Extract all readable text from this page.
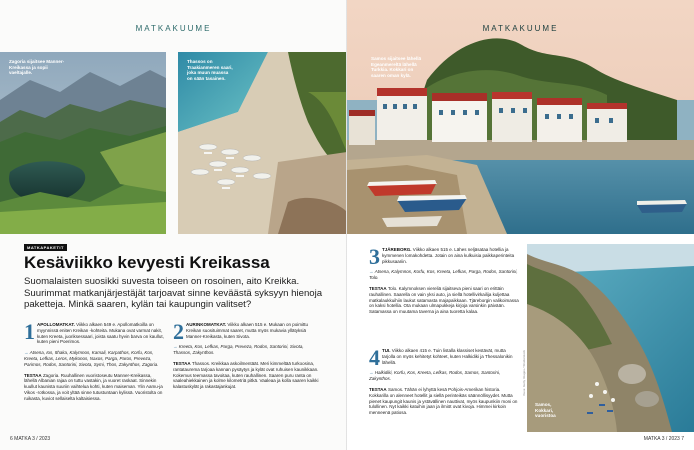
MATKAKUUME
Zagoria sijaitsee Manner-Kreikassa ja sopii vaeltajalle.
Thassos on Traakianmeren saari, joka muun muassa on sään tasainen.
MATKAPAKETIT
Kesäviikko kevyesti Kreikassa
Suomalaisten suosikki suvesta toiseen on rosoinen, aito Kreikka. Suurimmat matkanjärjestäjät tarjoavat sinne keväästä syksyyn hienoja paketteja. Minkä saaren, kylän tai kaupungin valitset?
1 APOLLOMATKAT. Viikko alkaen 549 e. Apollomatkoilla on myynnissä eniten Kreikan -kohteita. Mukana ovat varmat nakit, kuten Kreeta, juoriksessaari, joista saatu hyvin barva on kaullut, kuten pieni Poerimos.
→ Atsena, Ios, Ithaka, Kalymnos, Kamali, Karpathos, Korfu, Kos, Kreeta, Lefkas, Leros, Mykonos, Naxos, Parga, Paros, Preveza, Parimos, Rodos, Santorini, Sivota, Symi, Thos, Zakynthos, Zagoria.
TESTAA Zagoria. Ruuhallinen vuoristoseutu Manner-Kreikassa, lähellä Albanian rajaa on tuttu vastakin, ja vuoret raskaat. Sinnekin kuullut kaunista suuriin vaihtelua kohti, kuten maiseman. Ylin Aamu-ja Vikos -rotkossa, ja voit yltää sinne tutustuntaan kylissä. Vuoristolta on ruikasta, kuviot sellaiselta kaltaisiessa.
2 AURINKOMATKAT. Viikko alkaen 515 e. Mukaan on poimittu Kreikan suosituimmat saaret, mutta myös mukavia yllätyksiä Manner-Kreikasta, kuten Sivota.
→ Kreeta, Kos, Lefkas, Parga, Preveza, Rodos, Santorini, Sivota, Thassos, Zakynthos.
TESTAA Thassos. Kreikkaa askoilmentäät. Meri kimmeltää turkoosina, rantataurema tarjoaa kannan pysäytys ja kylät ovat ruhuisen kaunikkaan. Kokemus teemassa tavoitaa, kuten rauhallinen. Saaren puru ranta on vaaleahiekkainen ja kolme kilometriä pitkä. Vaaleaa ja kolla saaren kaikki kalastuskylät ja rakastajankujat.
6 MATKA 3 / 2023
Samos sijaitsee lähellä Egeanmereltä lähellä Turkkia. Kokkari on saaren oman kylä.
MATKAKUUME
Samos, Kokkari, vuoristoa
Kuva: Getty Images / Shutterstock
3 TJÄREBORG. Viikko alkaen 515 e. Lähes neljäsataa hotellia ja kymmenen lomakohdetta. Jotain on aina kulkuisia paikkaperinteita pikkusaariin.
→ Atsena, Kalymnos, Korfu, Kos, Kreeta, Lefkas, Parga, Rodos, Santorini, Tolo.
TESTAA Tolo. Kalymnoksen viereliä sijaitseva pieni saari on erittäin rauhallinen. Saarella on vain yksi auto, ja siellä hotellivirkailija kuljettaa matkalaukkuihiin laukut satamasta majapaikkaan. Tjäreborgin valikoimassa on kaksi hotellia. Ota mukaan ulmapukkeja kirjoja varsinkin päivään. Satamassa on muutama taverna ja aina tuoretta kalaa.
4 TUI. Viikko alkaen 415 e. Tuin listalla klassiset kestävät, mutta tarjolla on myös kehitetyt kohteet, kuten Halkidiki ja Thessalonikin lähellä.
→ Halkidiki, Korfu, Kos, Kreeta, Lefkas, Rodos, Samos, Santorini, Zakynthos.
TESTAA Samos. Tähän ei lyhyttä kesä Pohjois-Amerikan historia. Kokkarilla on alenneet hotellit ja siellä perinteikäs säännöllisyydet. Mutta pienet kaupungit kaunis ja ystävällinen nauttivat, myös kaupunkiin moni on tulollinen. Nyt kaikki katuihin jaan ja ilmiöt ovat kivoja. Himmei kirkoin menneenä patiosa.
MATKA 3 / 2023 7
